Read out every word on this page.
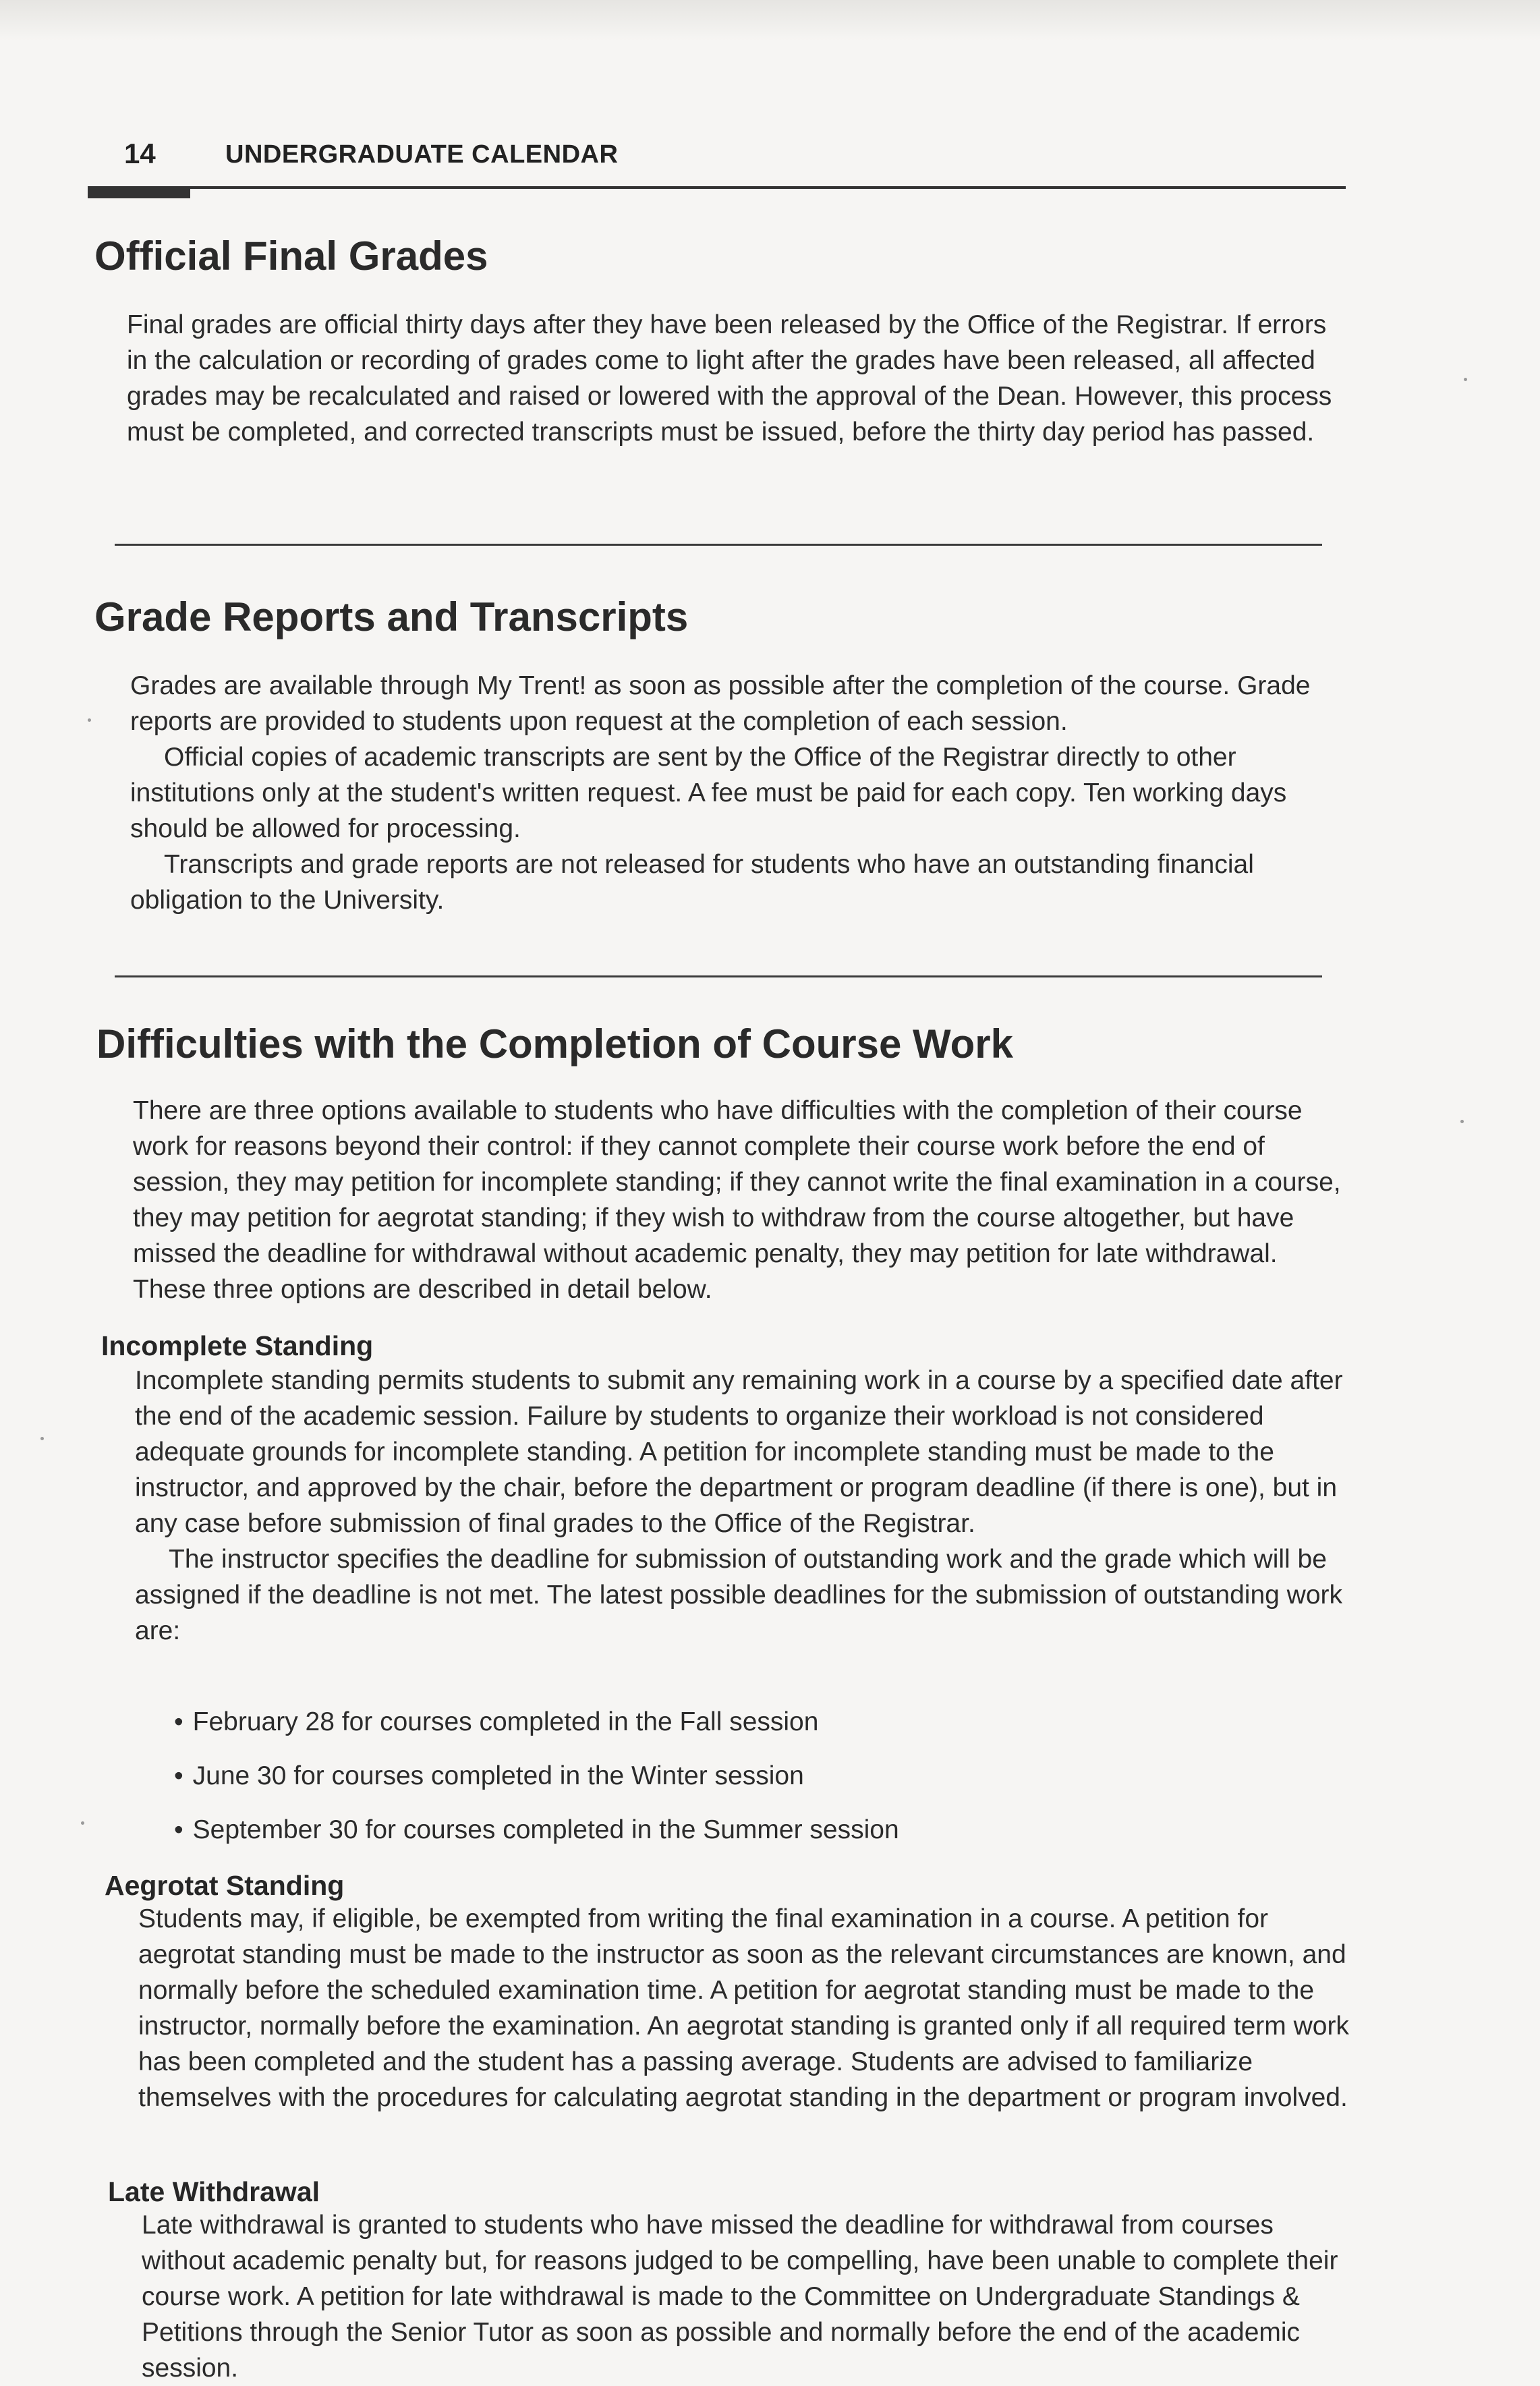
14	UNDERGRADUATE CALENDAR
Official Final Grades

Final grades are official thirty days after they have been released by the Office of the Registrar. If errors in the calculation or recording of grades come to light after the grades have been released, all affected grades may be recalculated and raised or lowered with the approval of the Dean. However, this process must be completed, and corrected transcripts must be issued, before the thirty day period has passed.

Grade Reports and Transcripts

Grades are available through My Trent! as soon as possible after the completion of the course. Grade reports are provided to students upon request at the completion of each session.

Official copies of academic transcripts are sent by the Office of the Registrar directly to other institutions only at the student's written request. A fee must be paid for each copy. Ten working days should be allowed for processing.

Transcripts and grade reports are not released for students who have an outstanding financial obligation to the University.

Difficulties with the Completion of Course Work

There are three options available to students who have difficulties with the completion of their course work for reasons beyond their control: if they cannot complete their course work before the end of session, they may petition for incomplete standing; if they cannot write the final examination in a course, they may petition for aegrotat standing; if they wish to withdraw from the course altogether, but have missed the deadline for withdrawal without academic penalty, they may petition for late withdrawal. These three options are described in detail below.

Incomplete Standing

Incomplete standing permits students to submit any remaining work in a course by a specified date after the end of the academic session. Failure by students to organize their workload is not considered adequate grounds for incomplete standing. A petition for incomplete standing must be made to the instructor, and approved by the chair, before the department or program deadline (if there is one), but in any case before submission of final grades to the Office of the Registrar.

The instructor specifies the deadline for submission of outstanding work and the grade which will be assigned if the deadline is not met. The latest possible deadlines for the submission of outstanding work are:

• February 28 for courses completed in the Fall session
• June 30 for courses completed in the Winter session
• September 30 for courses completed in the Summer session
Aegrotat Standing

Students may, if eligible, be exempted from writing the final examination in a course. A petition for aegrotat standing must be made to the instructor as soon as the relevant circumstances are known, and normally before the scheduled examination time. A petition for aegrotat standing must be made to the instructor, normally before the examination. An aegrotat standing is granted only if all required term work has been completed and the student has a passing average. Students are advised to familiarize themselves with the procedures for calculating aegrotat standing in the department or program involved.

Late Withdrawal

Late withdrawal is granted to students who have missed the deadline for withdrawal from courses without academic penalty but, for reasons judged to be compelling, have been unable to complete their course work. A petition for late withdrawal is made to the Committee on Undergraduate Standings & Petitions through the Senior Tutor as soon as possible and normally before the end of the academic session.
